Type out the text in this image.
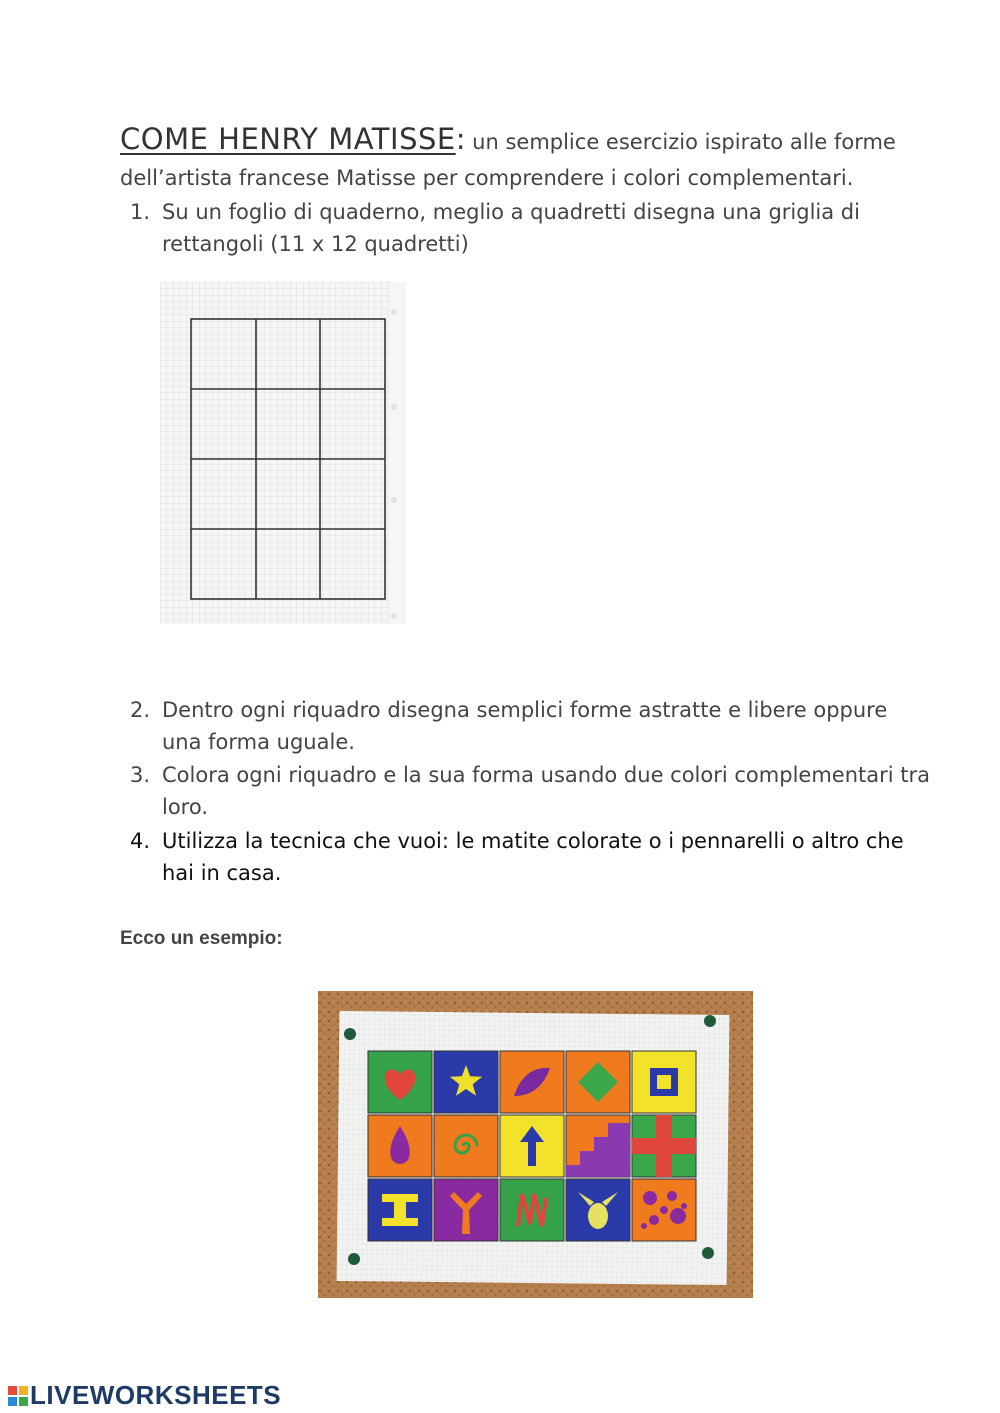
COME HENRY MATISSE: un semplice esercizio ispirato alle forme
dell’artista francese Matisse per comprendere i colori complementari.
1. Su un foglio di quaderno, meglio a quadretti disegna una griglia di
rettangoli (11 x 12 quadretti)
2. Dentro ogni riquadro disegna semplici forme astratte e libere oppure
una forma uguale.
3. Colora ogni riquadro e la sua forma usando due colori complementari tra
loro.
4. Utilizza la tecnica che vuoi: le matite colorate o i pennarelli o altro che
hai in casa.
Ecco un esempio:
LIVEWORKSHEETS
